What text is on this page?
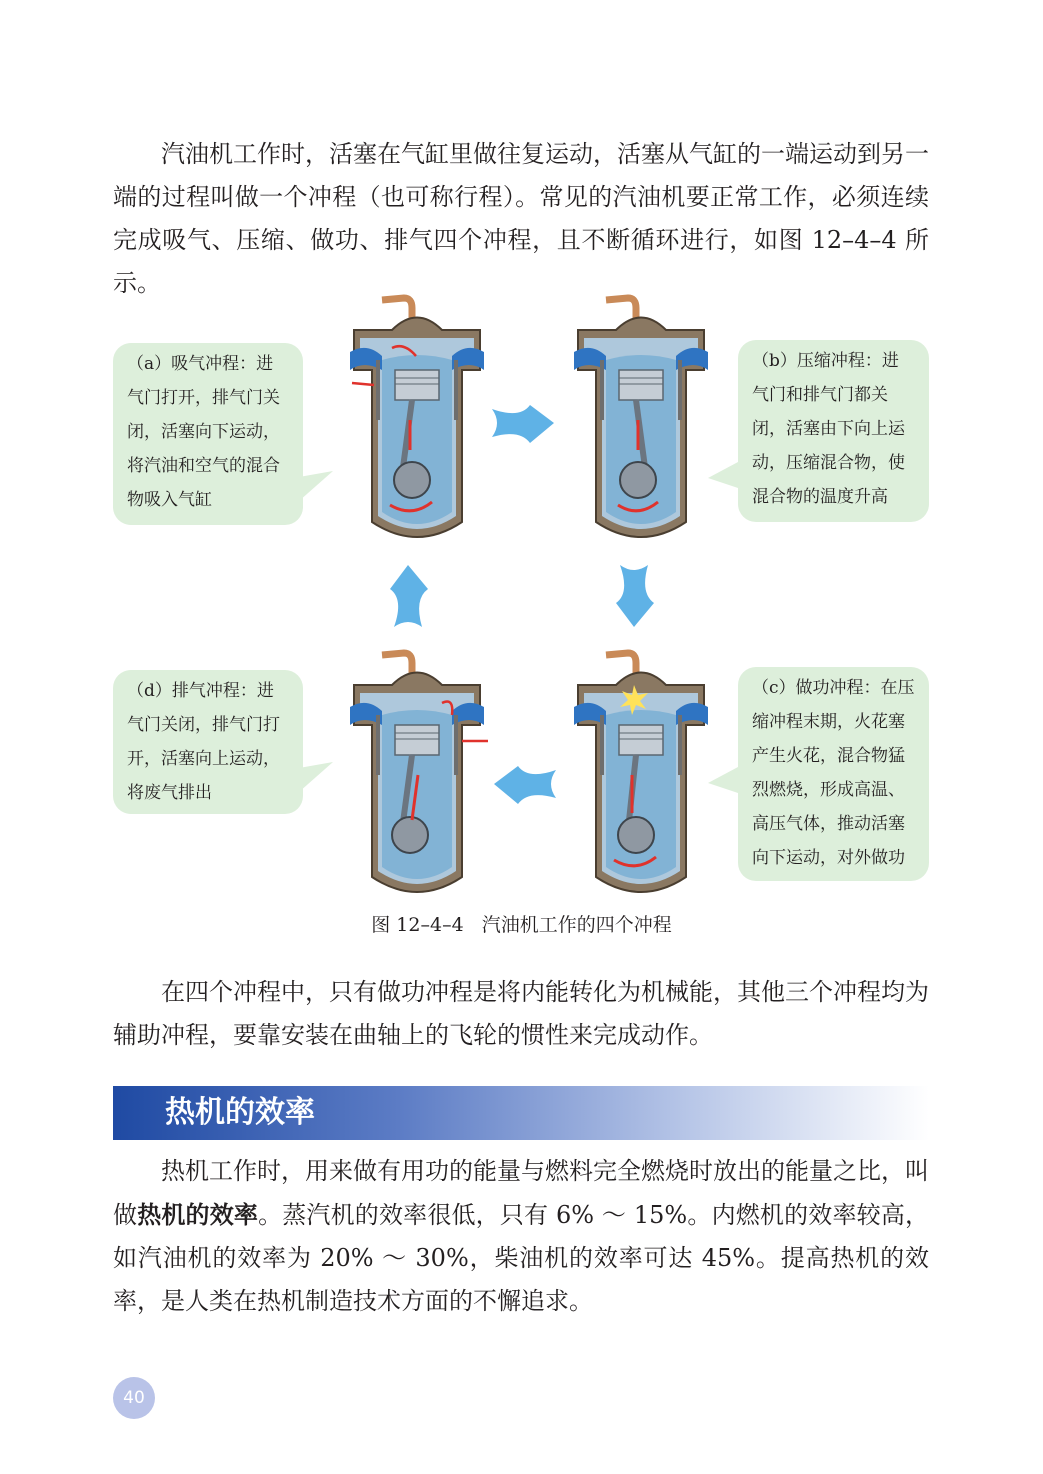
汽油机工作时，活塞在气缸里做往复运动，活塞从气缸的一端运动到另一端的过程叫做一个冲程（也可称行程）。常见的汽油机要正常工作，必须连续完成吸气、压缩、做功、排气四个冲程，且不断循环进行，如图 12–4–4 所示。

（a）吸气冲程：进气门打开，排气门关闭，活塞向下运动，将汽油和空气的混合物吸入气缸
（b）压缩冲程：进气门和排气门都关闭，活塞由下向上运动，压缩混合物，使混合物的温度升高
（d）排气冲程：进气门关闭，排气门打开，活塞向上运动，将废气排出
（c）做功冲程：在压缩冲程末期，火花塞产生火花，混合物猛烈燃烧，形成高温、高压气体，推动活塞向下运动，对外做功
图 12–4–4 汽油机工作的四个冲程

在四个冲程中，只有做功冲程是将内能转化为机械能，其他三个冲程均为辅助冲程，要靠安装在曲轴上的飞轮的惯性来完成动作。

热机的效率

热机工作时，用来做有用功的能量与燃料完全燃烧时放出的能量之比，叫做热机的效率。蒸汽机的效率很低，只有 6% ～ 15%。内燃机的效率较高，如汽油机的效率为 20% ～ 30%，柴油机的效率可达 45%。提高热机的效率，是人类在热机制造技术方面的不懈追求。

40
